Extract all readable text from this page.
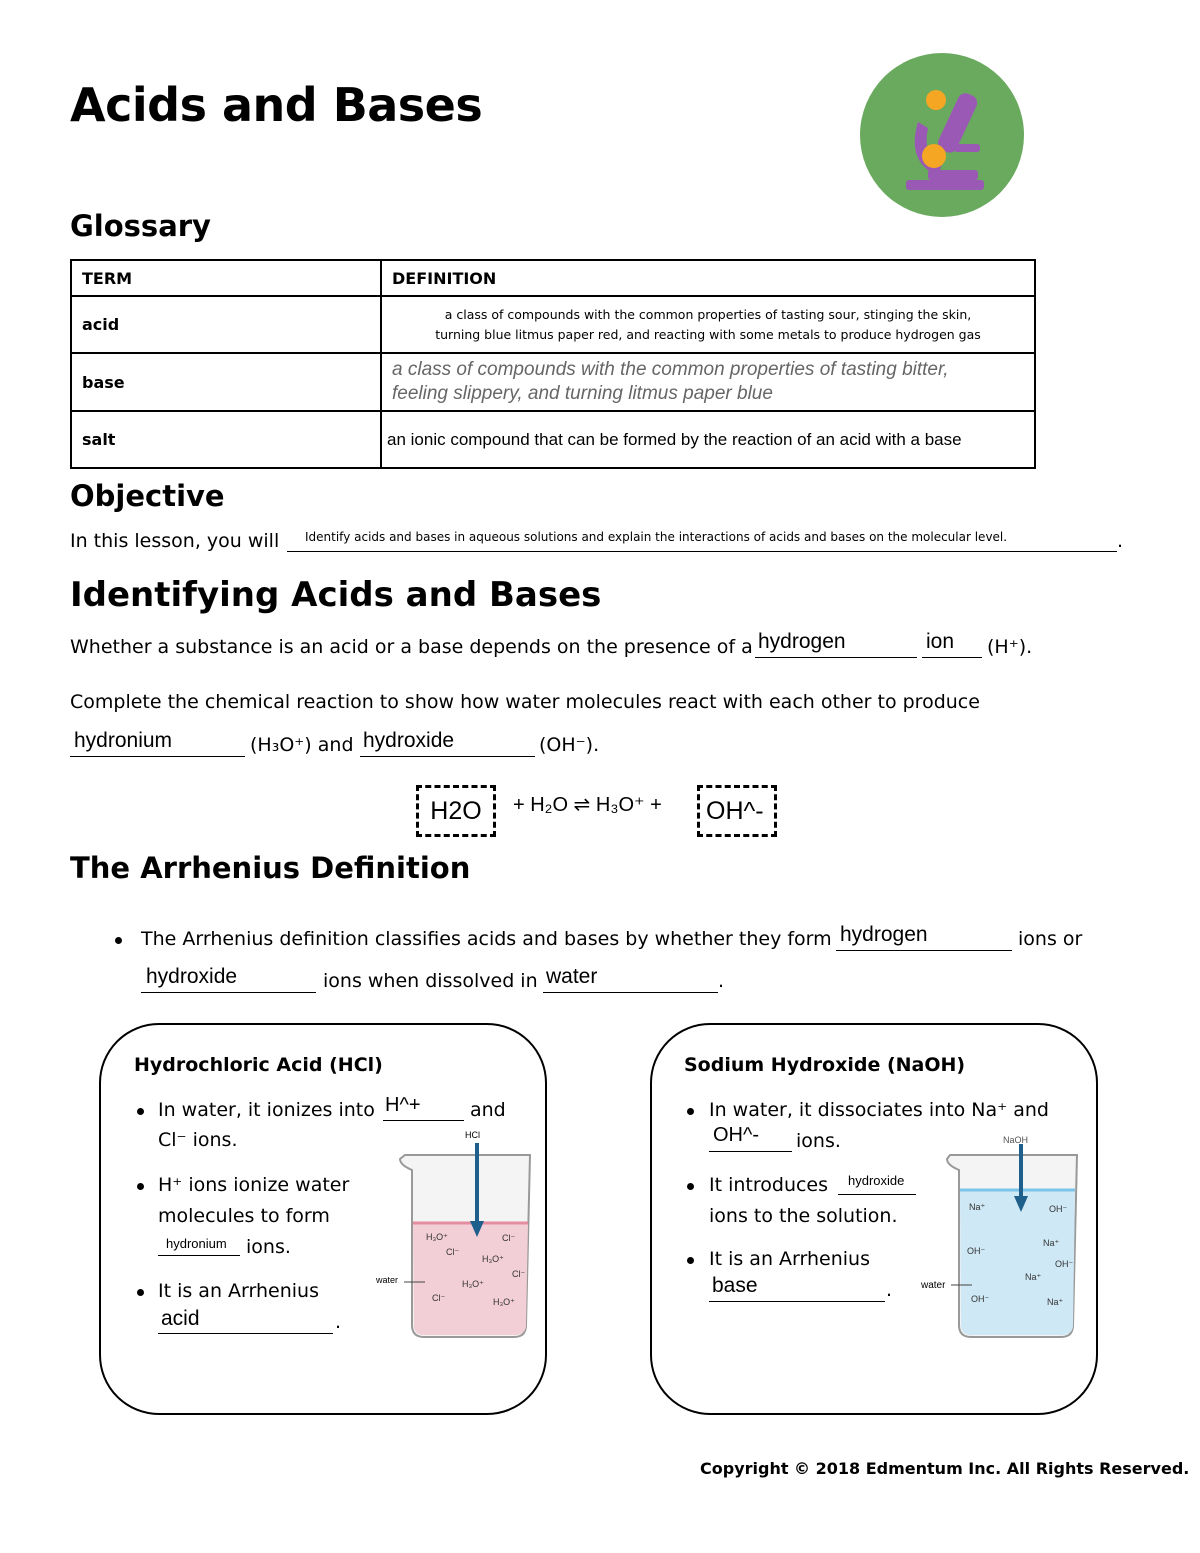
Acids and Bases
Glossary
TERM	DEFINITION
acid	a class of compounds with the common properties of tasting sour, stinging the skin,
turning blue litmus paper red, and reacting with some metals to produce hydrogen gas

base	a class of compounds with the common properties of tasting bitter,
feeling slippery, and turning litmus paper blue

salt	an ionic compound that can be formed by the reaction of an acid with a base
Objective
In this lesson, you will Identify acids and bases in aqueous solutions and explain the interactions of acids and bases on the molecular level.	.
Identifying Acids and Bases
Whether a substance is an acid or a base depends on the presence of a hydrogen	ion (H⁺).
Complete the chemical reaction to show how water molecules react with each other to produce
hydronium	(H₃O⁺) and hydroxide	(OH⁻).
H2O	+ H₂O ⇌ H₃O⁺ +	OH^-
The Arrhenius Definition
The Arrhenius definition classifies acids and bases by whether they form hydrogen	ions or
hydroxide	ions when dissolved in water	.
Hydrochloric Acid (HCl)
In water, it ionizes into H^+	and
Cl⁻ ions.
H⁺ ions ionize water
molecules to form
hydronium ions.
It is an Arrhenius
acid	.
H₃O⁺
Cl⁻
H₃O⁺
Cl⁻
H₃O⁺
Cl⁻
Cl⁻
H₃O⁺
HCl
water
Sodium Hydroxide (NaOH)
In water, it dissociates into Na⁺ and
OH^- ions.
It introduces hydroxide
ions to the solution.
It is an Arrhenius
base	.
Na⁺	OH⁻
Na⁺
OH⁻
OH⁻
Na⁺
OH⁻	Na⁺
NaOH
water
Copyright © 2018 Edmentum Inc. All Rights Reserved.
